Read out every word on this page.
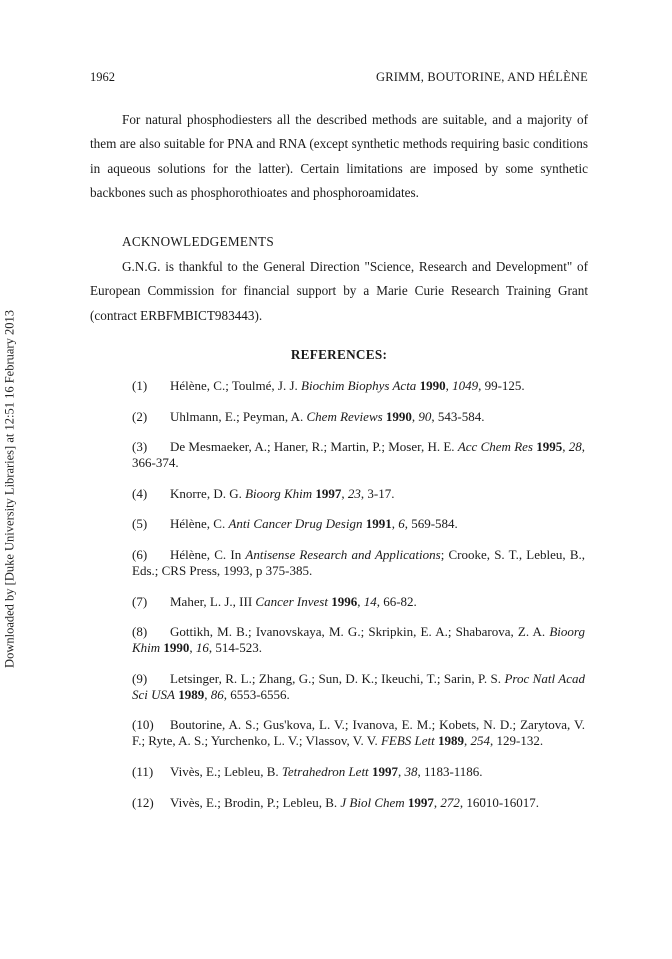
1962	GRIMM, BOUTORINE, AND HÉLÈNE

For natural phosphodiesters all the described methods are suitable, and a majority of them are also suitable for PNA and RNA (except synthetic methods requiring basic conditions in aqueous solutions for the latter). Certain limitations are imposed by some synthetic backbones such as phosphorothioates and phosphoroamidates.

ACKNOWLEDGEMENTS

G.N.G. is thankful to the General Direction "Science, Research and Development" of European Commission for financial support by a Marie Curie Research Training Grant (contract ERBFMBICT983443).

REFERENCES:
(1)	Hélène, C.; Toulmé, J. J. Biochim Biophys Acta 1990, 1049, 99-125.
(2)	Uhlmann, E.; Peyman, A. Chem Reviews 1990, 90, 543-584.
(3)	De Mesmaeker, A.; Haner, R.; Martin, P.; Moser, H. E. Acc Chem Res 1995, 28, 366-374.
(4)	Knorre, D. G. Bioorg Khim 1997, 23, 3-17.
(5)	Hélène, C. Anti Cancer Drug Design 1991, 6, 569-584.
(6)	Hélène, C. In Antisense Research and Applications; Crooke, S. T., Lebleu, B., Eds.; CRS Press, 1993, p 375-385.
(7)	Maher, L. J., III Cancer Invest 1996, 14, 66-82.
(8)	Gottikh, M. B.; Ivanovskaya, M. G.; Skripkin, E. A.; Shabarova, Z. A. Bioorg Khim 1990, 16, 514-523.
(9)	Letsinger, R. L.; Zhang, G.; Sun, D. K.; Ikeuchi, T.; Sarin, P. S. Proc Natl Acad Sci USA 1989, 86, 6553-6556.
(10)	Boutorine, A. S.; Gus'kova, L. V.; Ivanova, E. M.; Kobets, N. D.; Zarytova, V. F.; Ryte, A. S.; Yurchenko, L. V.; Vlassov, V. V. FEBS Lett 1989, 254, 129-132.
(11)	Vivès, E.; Lebleu, B. Tetrahedron Lett 1997, 38, 1183-1186.
(12)	Vivès, E.; Brodin, P.; Lebleu, B. J Biol Chem 1997, 272, 16010-16017.
Downloaded by [Duke University Libraries] at 12:51 16 February 2013
